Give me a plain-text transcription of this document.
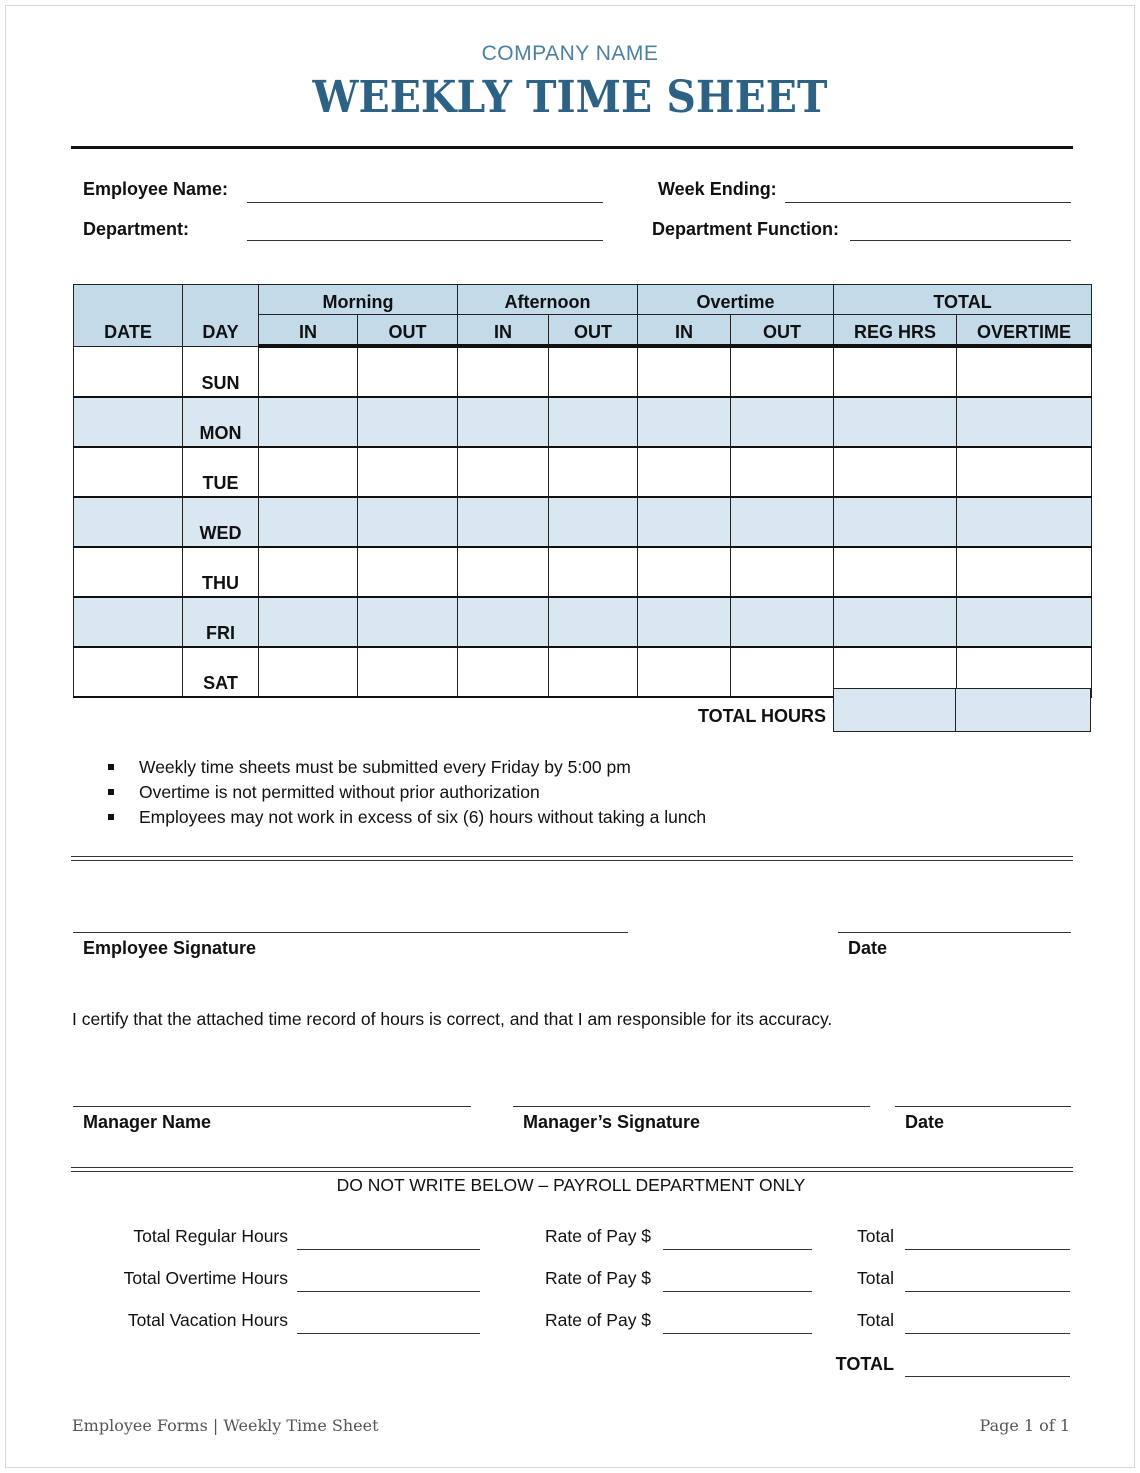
COMPANY NAME
WEEKLY TIME SHEET
Employee Name:	Week Ending:
Department:	Department Function:
DATE	DAY	Morning		Afternoon		Overtime		TOTAL	
		IN	OUT	IN	OUT	IN	OUT	REG HRS	OVERTIME
	SUN								
	MON								
	TUE								
	WED								
	THU								
	FRI								
	SAT								
TOTAL HOURS
Weekly time sheets must be submitted every Friday by 5:00 pm
Overtime is not permitted without prior authorization
Employees may not work in excess of six (6) hours without taking a lunch
Employee Signature	Date
I certify that the attached time record of hours is correct, and that I am responsible for its accuracy.
Manager Name	Manager’s Signature	Date
DO NOT WRITE BELOW – PAYROLL DEPARTMENT ONLY
Total Regular Hours	Rate of Pay $	Total
Total Overtime Hours	Rate of Pay $	Total
Total Vacation Hours	Rate of Pay $	Total
TOTAL
Employee Forms | Weekly Time Sheet	Page 1 of 1
